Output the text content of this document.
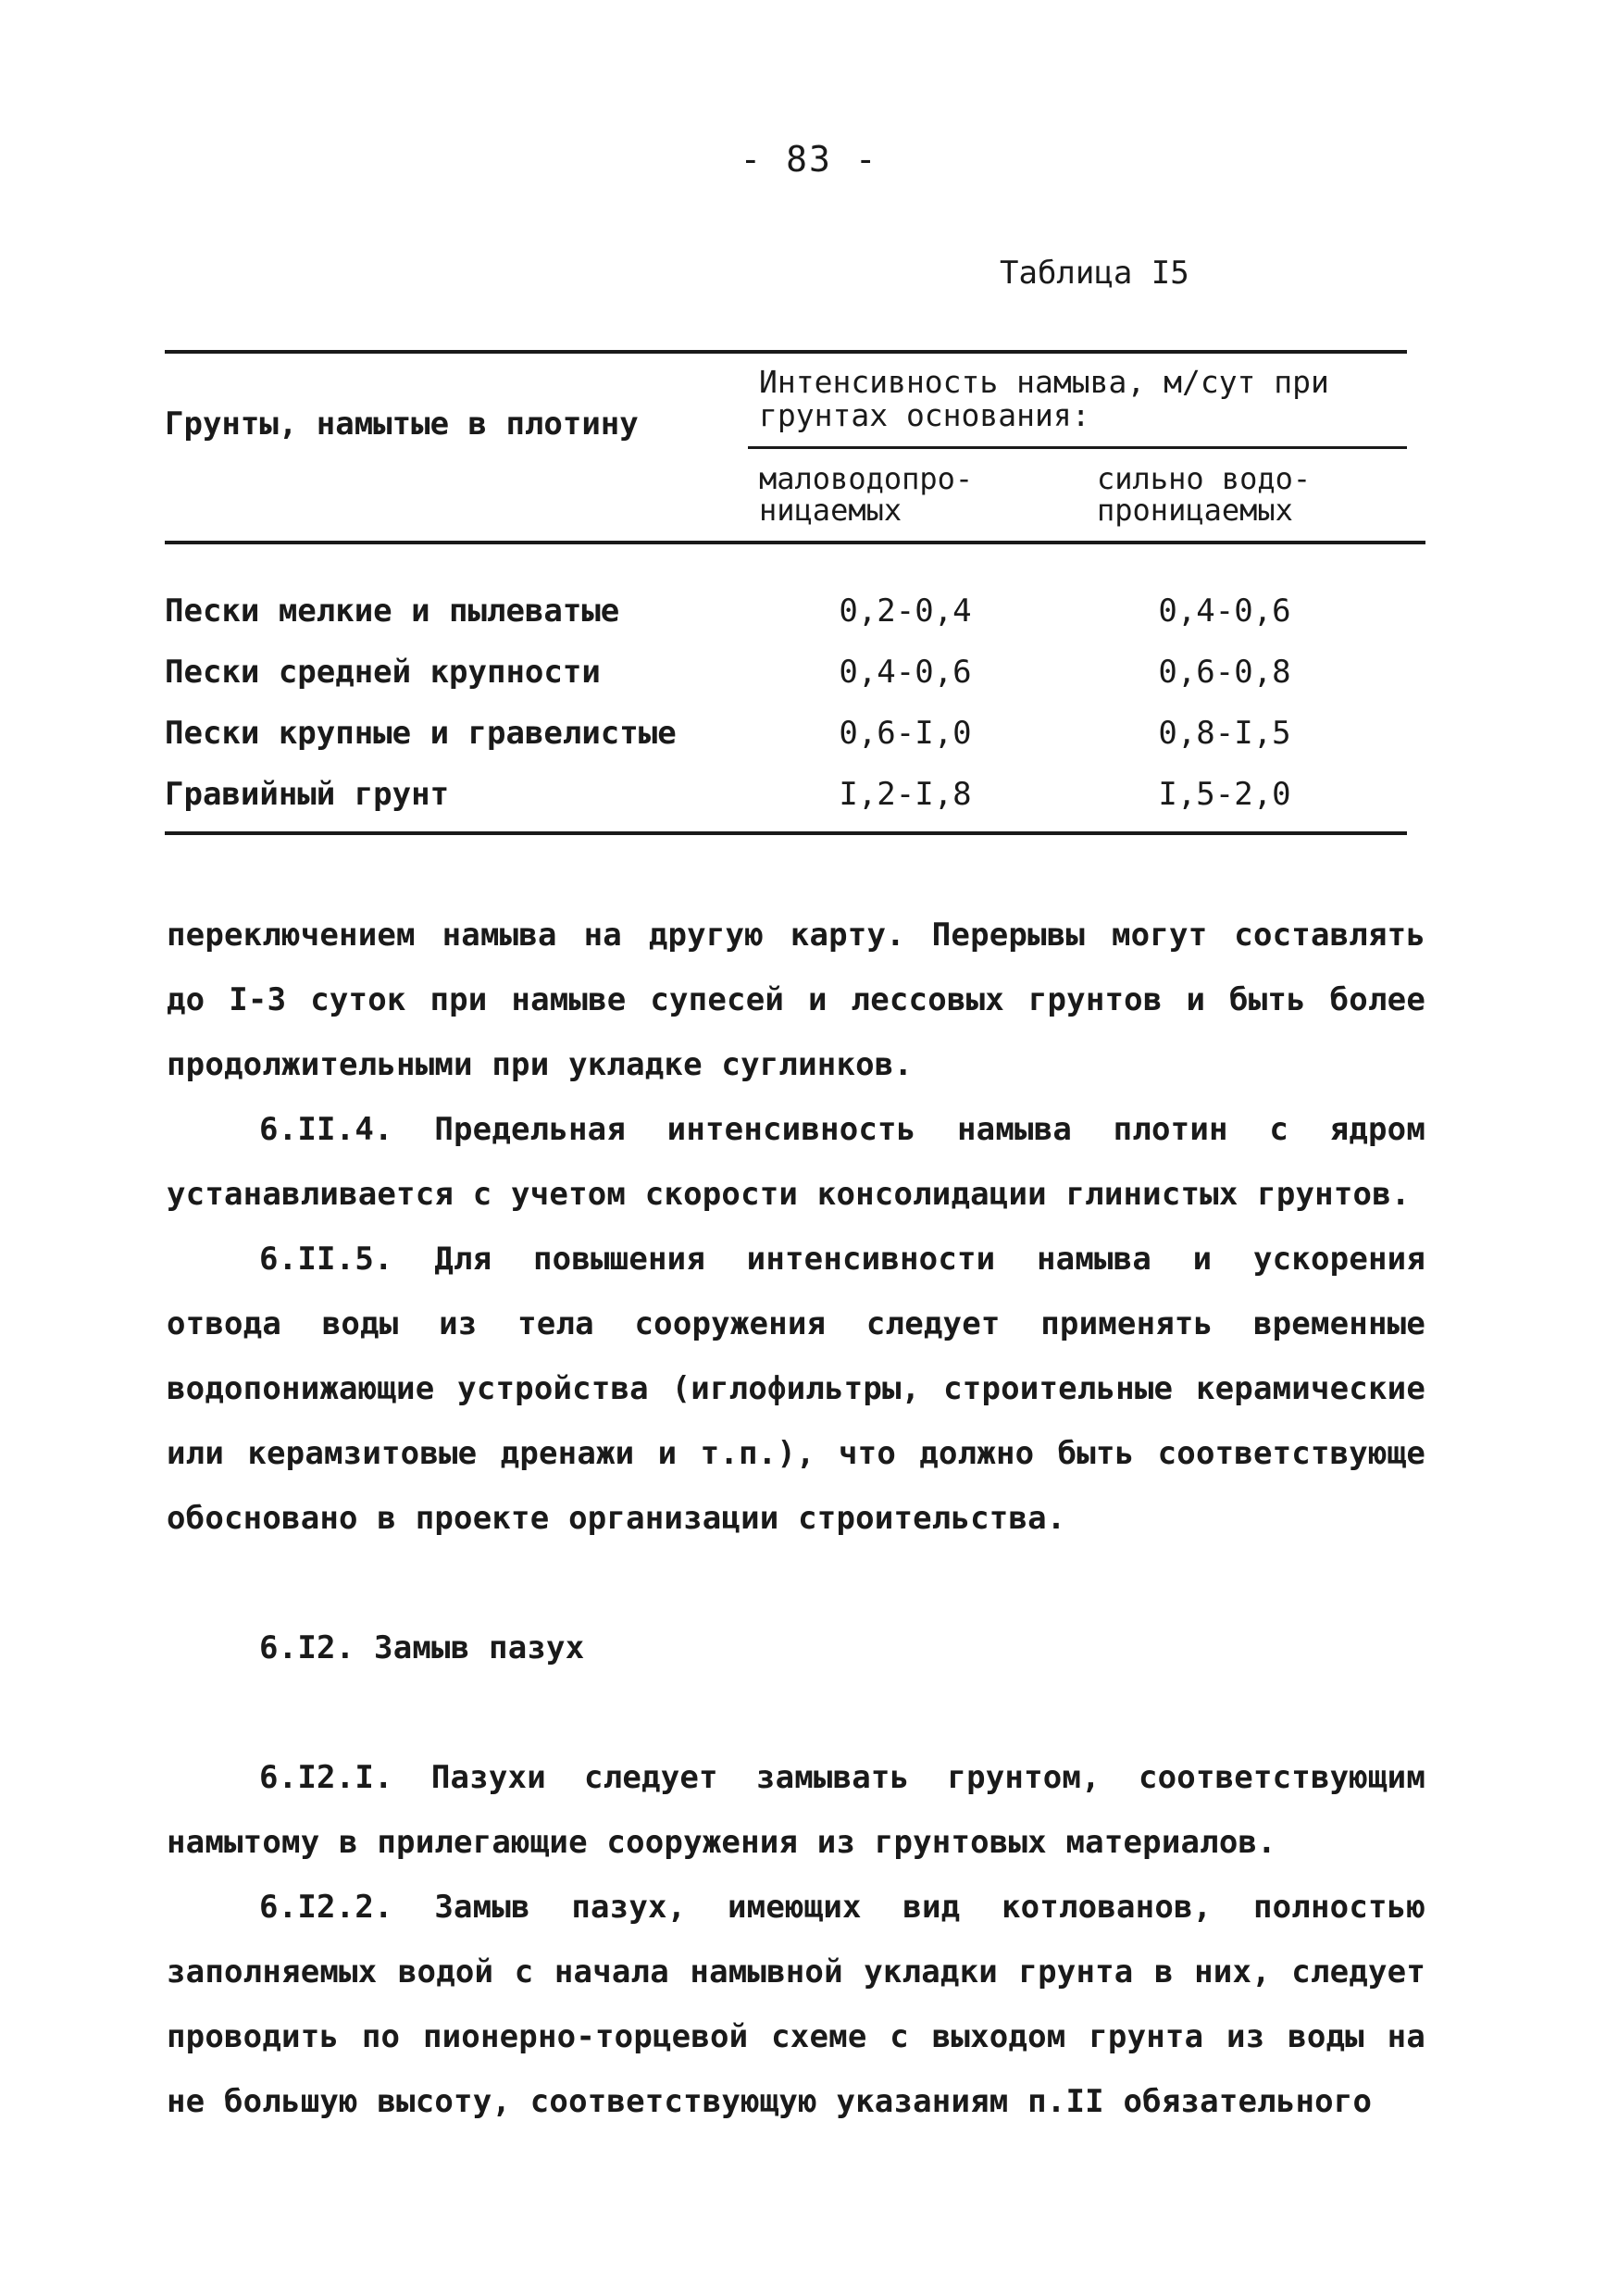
- 83 -
Таблица I5
Грунты, намытые в плотину
Интенсивность намыва, м/сут при грунтах основания:
маловодопро-ницаемых
сильно водо-проницаемых
Пески мелкие и пылеватые	0,2-0,4	0,4-0,6
Пески средней крупности	0,4-0,6	0,6-0,8
Пески крупные и гравелистые	0,6-I,0	0,8-I,5
Гравийный грунт	I,2-I,8	I,5-2,0

переключением намыва на другую карту. Перерывы могут составлять до I-3 суток при намыве супесей и лессовых грунтов и быть более продолжительными при укладке суглинков.

6.II.4. Предельная интенсивность намыва плотин с ядром устанавливается с учетом скорости консолидации глинистых грунтов.

6.II.5. Для повышения интенсивности намыва и ускорения отвода воды из тела сооружения следует применять временные водопонижающие устройства (иглофильтры, строительные керамические или керамзитовые дренажи и т.п.), что должно быть соответствующе обосновано в проекте организации строительства.

6.I2. Замыв пазух

6.I2.I. Пазухи следует замывать грунтом, соответствующим намытому в прилегающие сооружения из грунтовых материалов.

6.I2.2. Замыв пазух, имеющих вид котлованов, полностью заполняемых водой с начала намывной укладки грунта в них, следует проводить по пионерно-торцевой схеме с выходом грунта из воды на не большую высоту, соответствующую указаниям п.II обязательного
